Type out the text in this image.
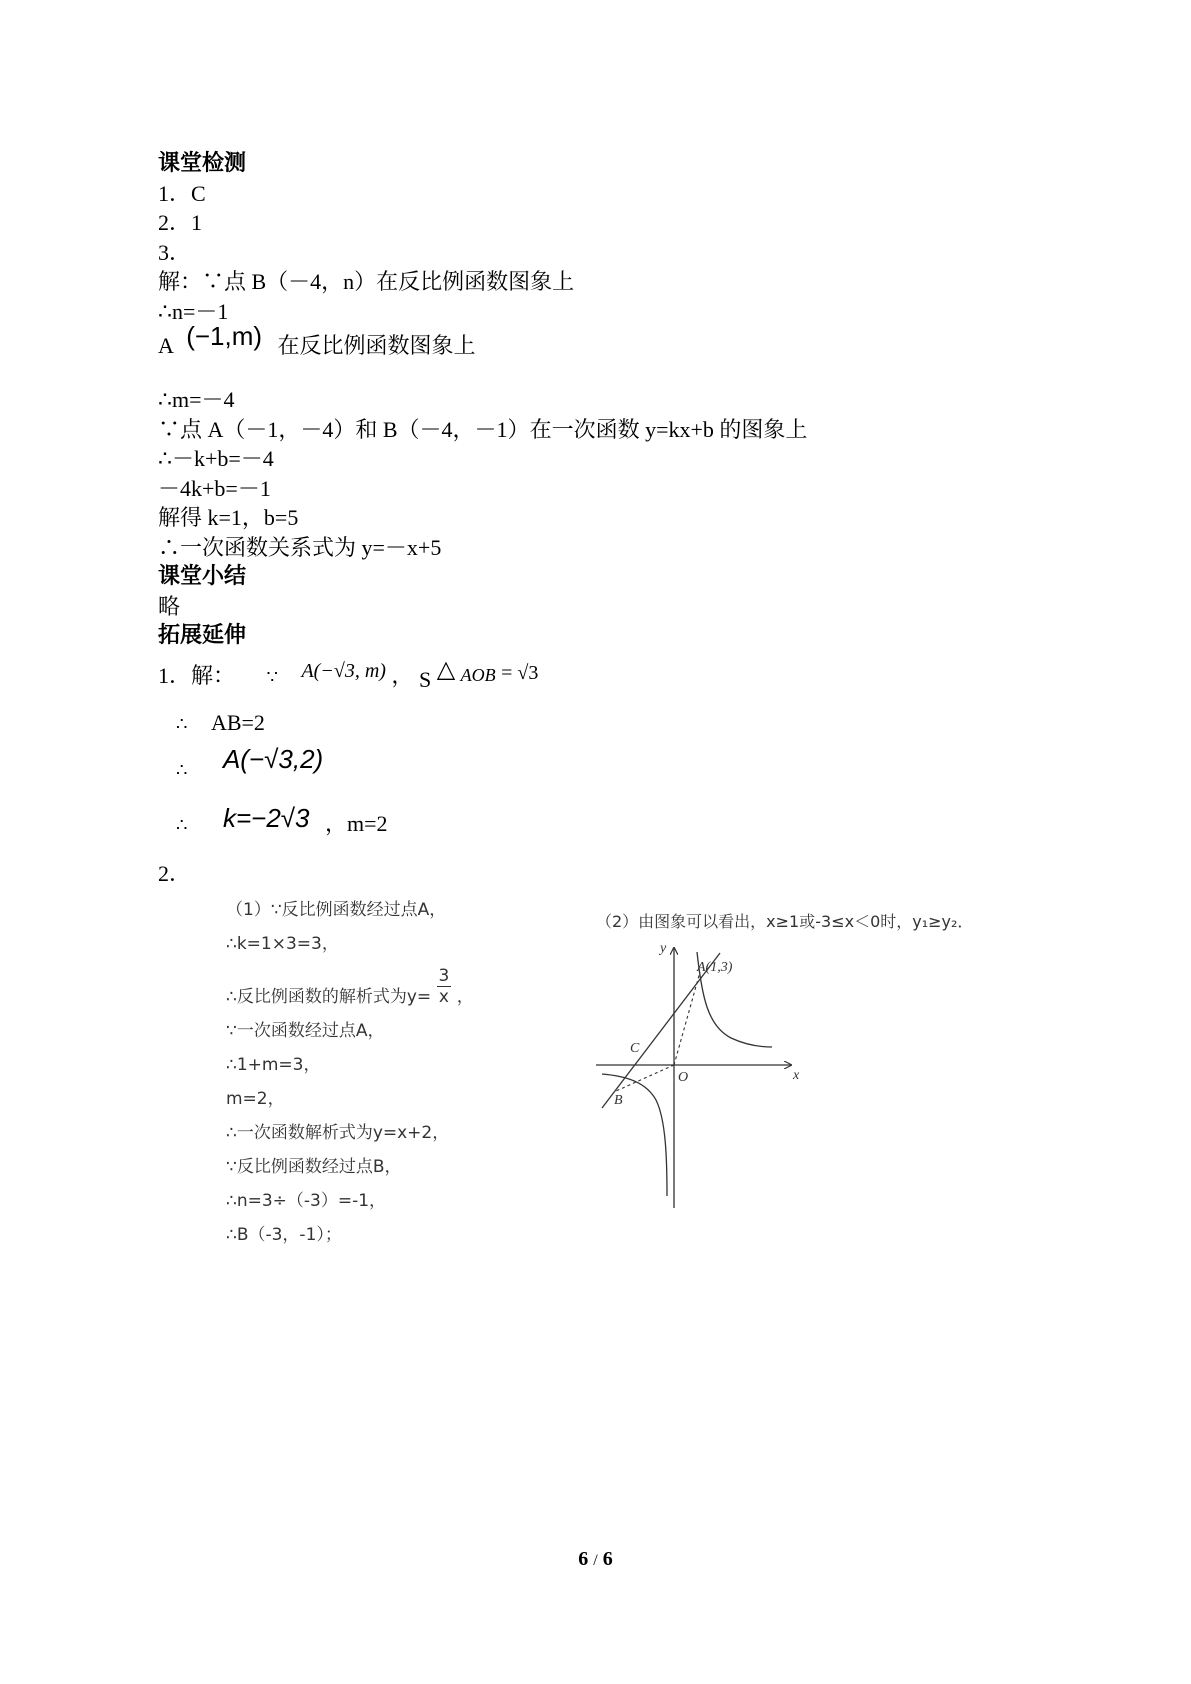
课堂检测
1．C
2．1
3．
解：∵点 B（－4，n）在反比例函数图象上
∴n=－1
A (−1,m) 在反比例函数图象上
∴m=－4
∵点 A（－1，－4）和 B（－4，－1）在一次函数 y=kx+b 的图象上
∴－k+b=－4
－4k+b=－1
解得 k=1，b=5
∴一次函数关系式为 y=－x+5
课堂小结
略
拓展延伸
1．解： ∵ A(−√3, m) ， S △ AOB = √3
∴ AB=2
$_\therefore$ A(−√3,2)
∴ k=−2√3 ，m=2
2．
（1）∵反比例函数经过点A，
∴k=1×3=3，
∴反比例函数的解析式为$y= \frac{3}{x}$ ，
∵一次函数经过点A，
∴1+m=3，
m=2，
∴一次函数解析式为y=x+2，
∵反比例函数经过点B，
∴n=3÷（-3）=-1，
∴B（-3，-1）；
（2）由图象可以看出，x≥1或-3≤x＜0时，y₁≥y₂．
y
x
A(1,3)
C
O
B
6 / 6
